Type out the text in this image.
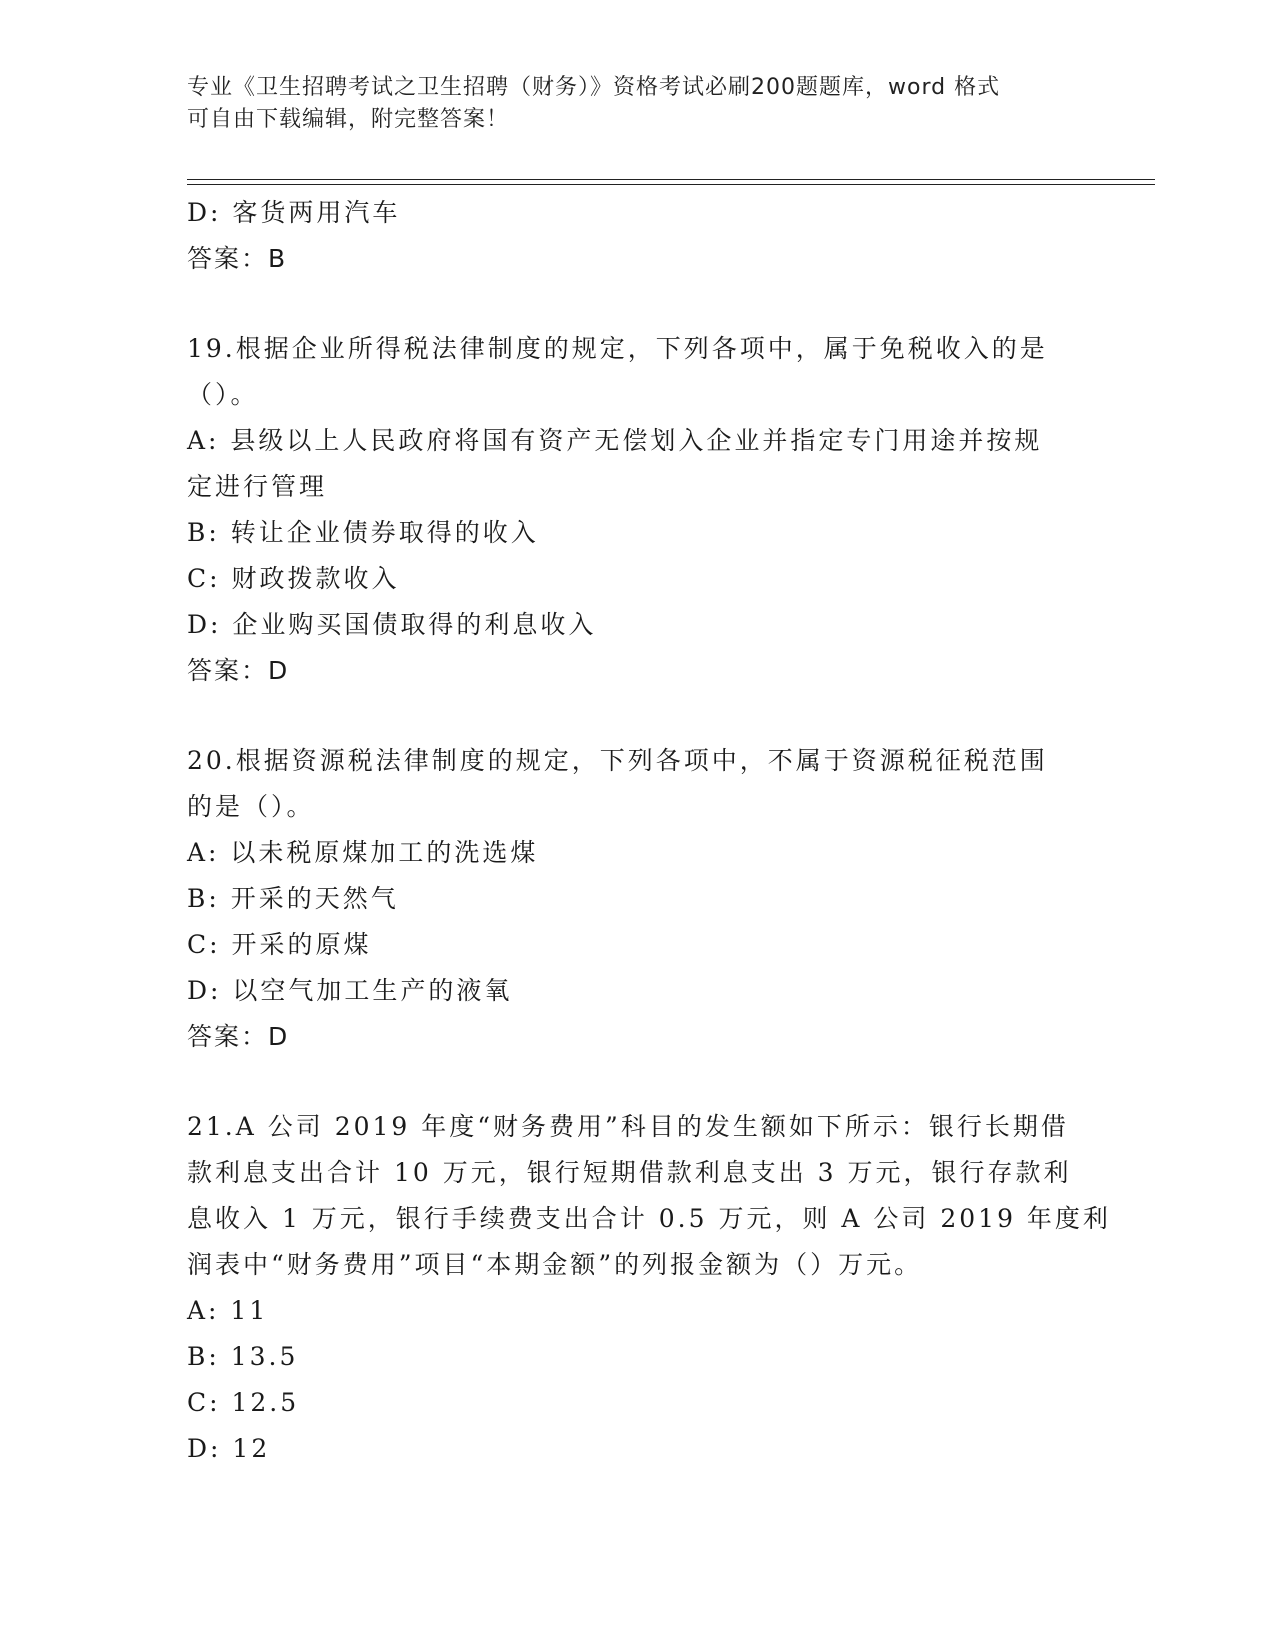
专业《卫生招聘考试之卫生招聘（财务）》资格考试必刷200题题库，word 格式
可自由下载编辑，附完整答案！
D: 客货两用汽车
答案：B
19.根据企业所得税法律制度的规定，下列各项中，属于免税收入的是
（）。
A: 县级以上人民政府将国有资产无偿划入企业并指定专门用途并按规
定进行管理
B: 转让企业债券取得的收入
C: 财政拨款收入
D: 企业购买国债取得的利息收入
答案：D
20.根据资源税法律制度的规定，下列各项中，不属于资源税征税范围
的是（）。
A: 以未税原煤加工的洗选煤
B: 开采的天然气
C: 开采的原煤
D: 以空气加工生产的液氧
答案：D
21.A 公司 2019 年度“财务费用”科目的发生额如下所示：银行长期借
款利息支出合计 10 万元，银行短期借款利息支出 3 万元，银行存款利
息收入 1 万元，银行手续费支出合计 0.5 万元，则 A 公司 2019 年度利
润表中“财务费用”项目“本期金额”的列报金额为（）万元。
A: 11
B: 13.5
C: 12.5
D: 12
